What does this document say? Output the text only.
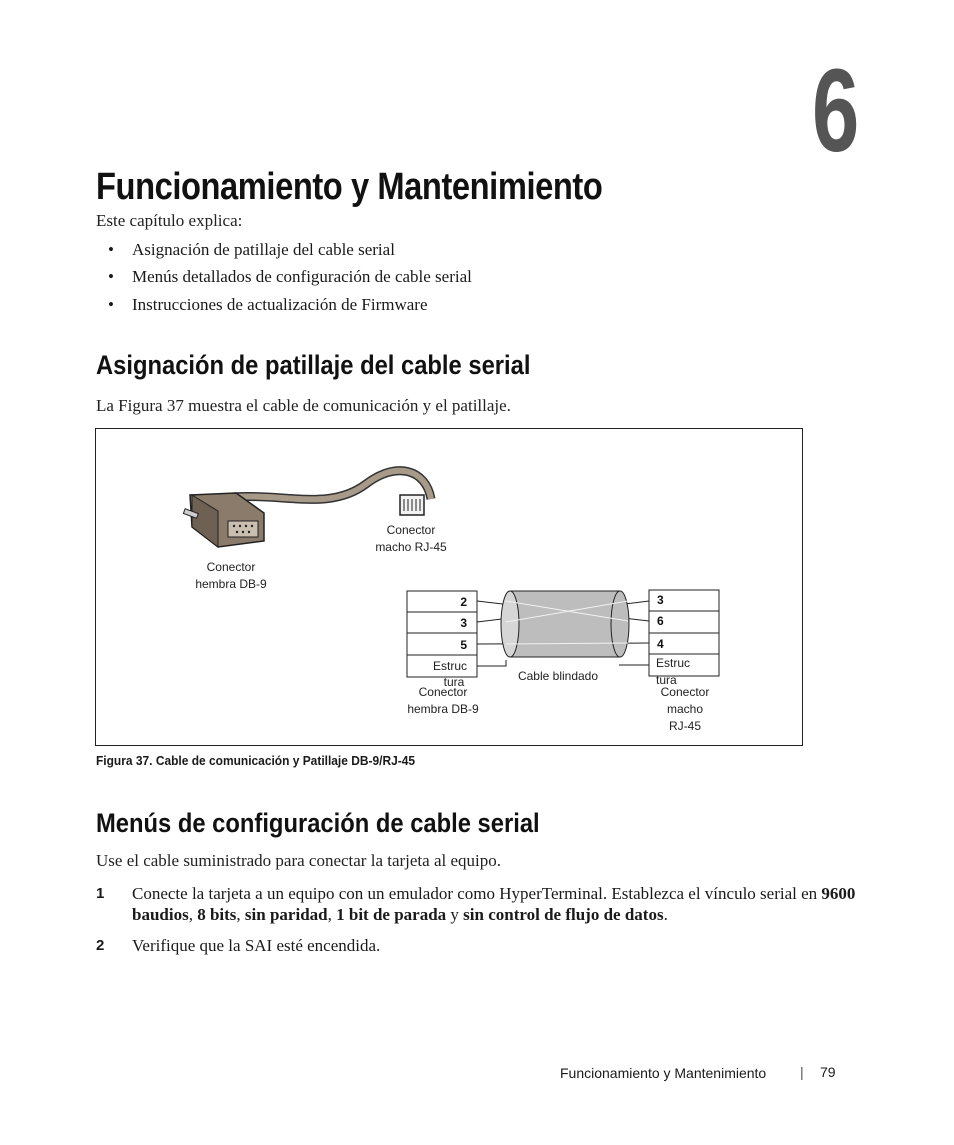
6
Funcionamiento y Mantenimiento
Este capítulo explica:
• Asignación de patillaje del cable serial
• Menús detallados de configuración de cable serial
• Instrucciones de actualización de Firmware
Asignación de patillaje del cable serial
La Figura 37 muestra el cable de comunicación y el patillaje.
Conector
macho RJ-45
Conector
hembra DB-9
2
3
5
Estruc
tura
3
6
4
Estruc
tura
Cable blindado
Conector
hembra DB-9
Conector
macho
RJ-45
Figura 37. Cable de comunicación y Patillaje DB-9/RJ-45
Menús de configuración de cable serial
Use el cable suministrado para conectar la tarjeta al equipo.
1 Conecte la tarjeta a un equipo con un emulador como HyperTerminal. Establezca el vínculo serial en 9600 baudios, 8 bits, sin paridad, 1 bit de parada y sin control de flujo de datos.
2 Verifique que la SAI esté encendida.
Funcionamiento y Mantenimiento | 79
